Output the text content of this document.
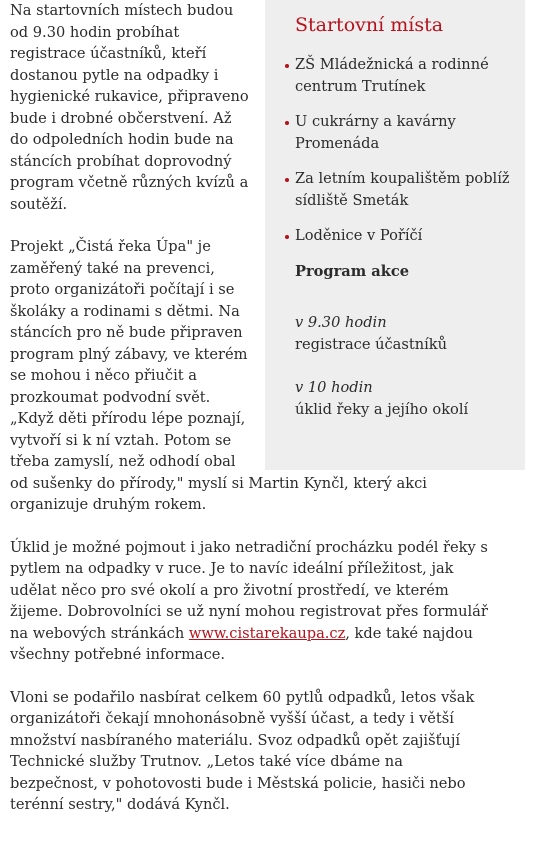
Startovní místa
ZŠ Mládežnická a rodinné centrum Trutínek
U cukrárny a kavárny Promenáda
Za letním koupalištěm poblíž sídliště Smeták
Loděnice v Poříčí
Program akce
v 9.30 hodin
registrace účastníků
v 10 hodin
úklid řeky a jejího okolí

Na startovních místech budou od 9.30 hodin probíhat registrace účastníků, kteří dostanou pytle na odpadky i hygienické rukavice, připraveno bude i drobné občerstvení. Až do odpoledních hodin bude na stáncích probíhat doprovodný program včetně různých kvízů a soutěží.

Projekt „Čistá řeka Úpa" je zaměřený také na prevenci, proto organizátoři počítají i se školáky a rodinami s dětmi. Na stáncích pro ně bude připraven program plný zábavy, ve kterém se mohou i něco přiučit a prozkoumat podvodní svět. „Když děti přírodu lépe poznají, vytvoří si k ní vztah. Potom se třeba zamyslí, než odhodí obal od sušenky do přírody," myslí si Martin Kynčl, který akci organizuje druhým rokem.

Úklid je možné pojmout i jako netradiční procházku podél řeky s pytlem na odpadky v ruce. Je to navíc ideální příležitost, jak udělat něco pro své okolí a pro životní prostředí, ve kterém žijeme. Dobrovolníci se už nyní mohou registrovat přes formulář na webových stránkách www.cistarekaupa.cz, kde také najdou všechny potřebné informace.

Vloni se podařilo nasbírat celkem 60 pytlů odpadků, letos však organizátoři čekají mnohonásobně vyšší účast, a tedy i větší množství nasbíraného materiálu. Svoz odpadků opět zajišťují Technické služby Trutnov. „Letos také více dbáme na bezpečnost, v pohotovosti bude i Městská policie, hasiči nebo terénní sestry," dodává Kynčl.
